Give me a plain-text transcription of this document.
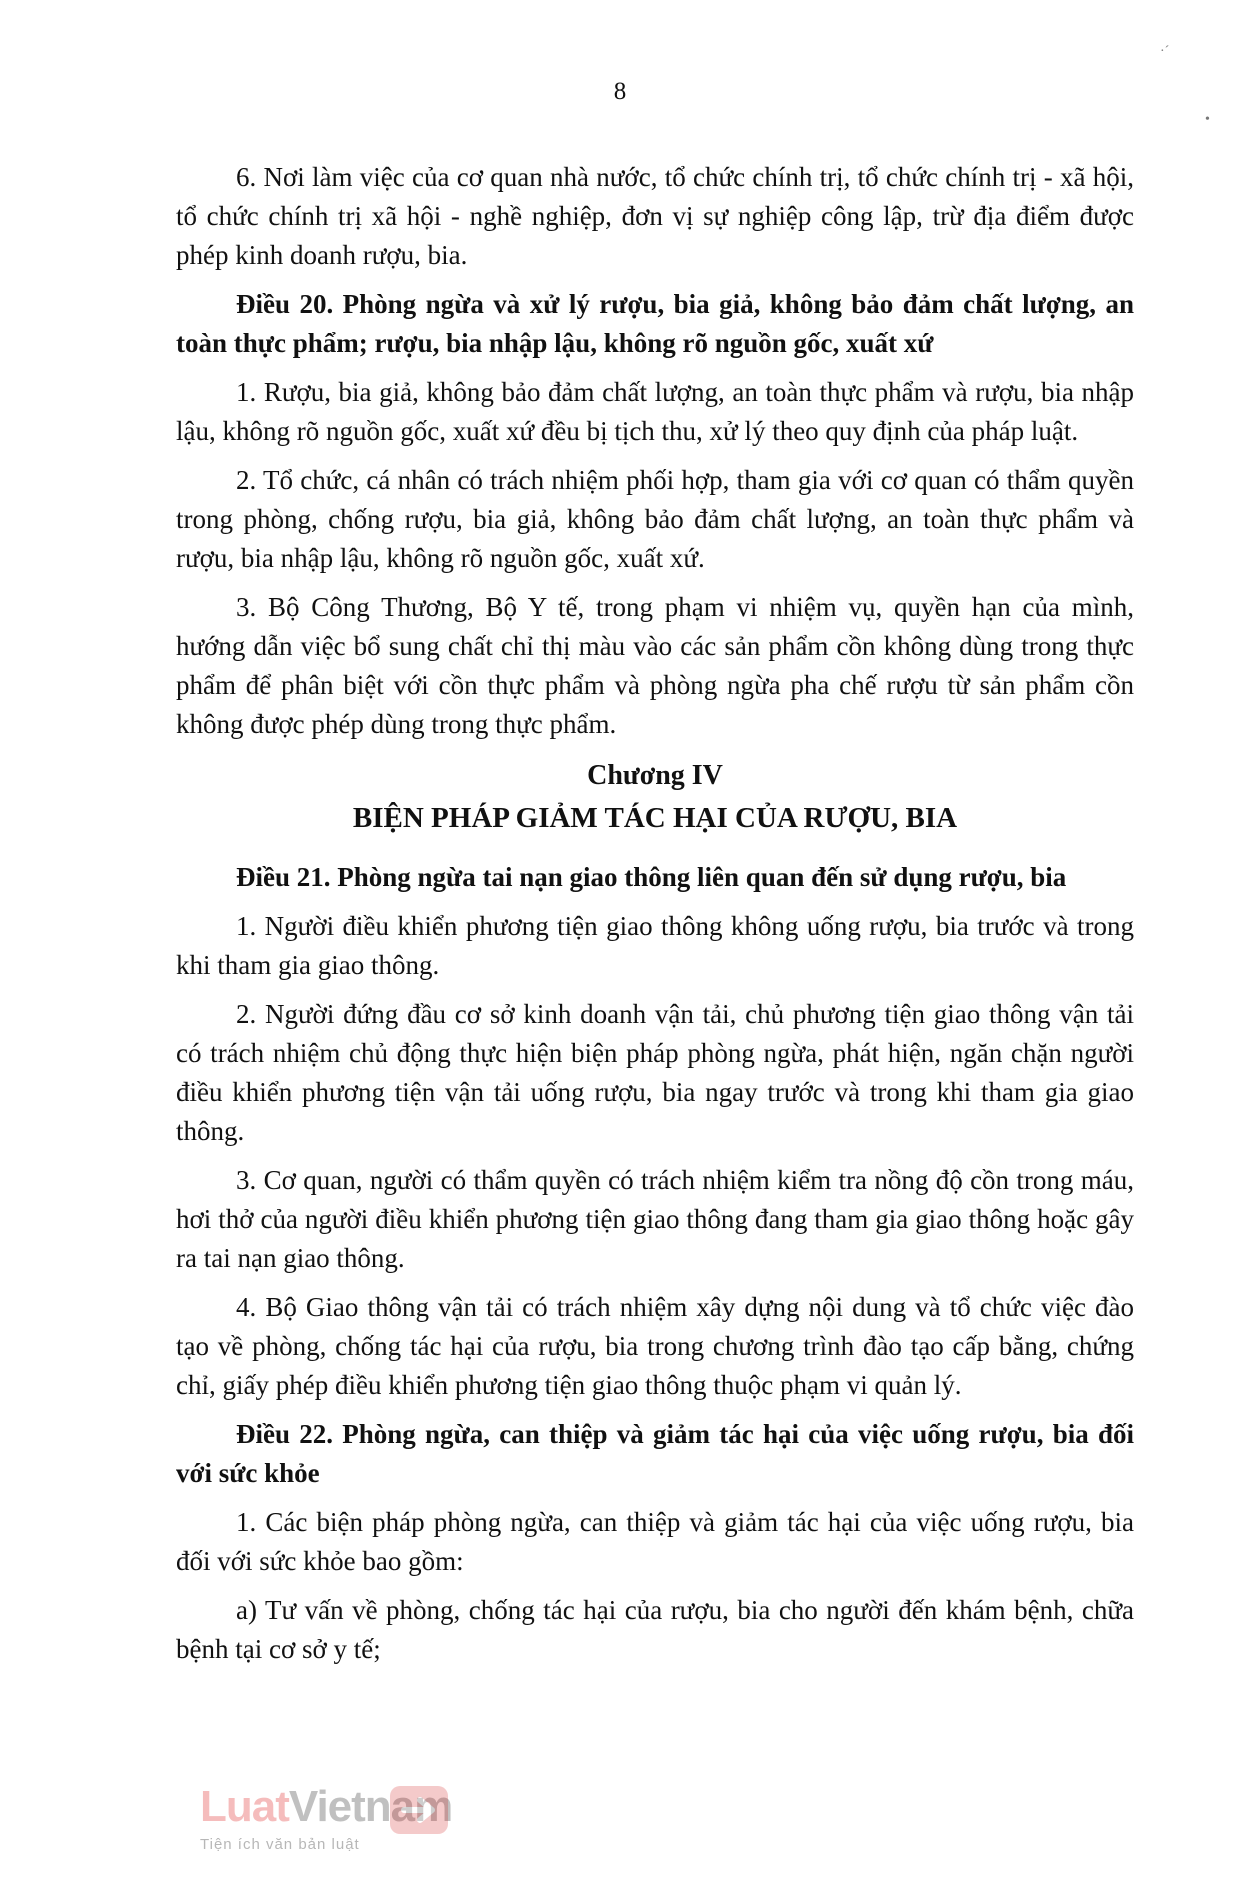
8
·´
•

6. Nơi làm việc của cơ quan nhà nước, tổ chức chính trị, tổ chức chính trị - xã hội, tổ chức chính trị xã hội - nghề nghiệp, đơn vị sự nghiệp công lập, trừ địa điểm được phép kinh doanh rượu, bia.

Điều 20. Phòng ngừa và xử lý rượu, bia giả, không bảo đảm chất lượng, an toàn thực phẩm; rượu, bia nhập lậu, không rõ nguồn gốc, xuất xứ

1. Rượu, bia giả, không bảo đảm chất lượng, an toàn thực phẩm và rượu, bia nhập lậu, không rõ nguồn gốc, xuất xứ đều bị tịch thu, xử lý theo quy định của pháp luật.

2. Tổ chức, cá nhân có trách nhiệm phối hợp, tham gia với cơ quan có thẩm quyền trong phòng, chống rượu, bia giả, không bảo đảm chất lượng, an toàn thực phẩm và rượu, bia nhập lậu, không rõ nguồn gốc, xuất xứ.

3. Bộ Công Thương, Bộ Y tế, trong phạm vi nhiệm vụ, quyền hạn của mình, hướng dẫn việc bổ sung chất chỉ thị màu vào các sản phẩm cồn không dùng trong thực phẩm để phân biệt với cồn thực phẩm và phòng ngừa pha chế rượu từ sản phẩm cồn không được phép dùng trong thực phẩm.

Chương IV
BIỆN PHÁP GIẢM TÁC HẠI CỦA RƯỢU, BIA

Điều 21. Phòng ngừa tai nạn giao thông liên quan đến sử dụng rượu, bia

1. Người điều khiển phương tiện giao thông không uống rượu, bia trước và trong khi tham gia giao thông.

2. Người đứng đầu cơ sở kinh doanh vận tải, chủ phương tiện giao thông vận tải có trách nhiệm chủ động thực hiện biện pháp phòng ngừa, phát hiện, ngăn chặn người điều khiển phương tiện vận tải uống rượu, bia ngay trước và trong khi tham gia giao thông.

3. Cơ quan, người có thẩm quyền có trách nhiệm kiểm tra nồng độ cồn trong máu, hơi thở của người điều khiển phương tiện giao thông đang tham gia giao thông hoặc gây ra tai nạn giao thông.

4. Bộ Giao thông vận tải có trách nhiệm xây dựng nội dung và tổ chức việc đào tạo về phòng, chống tác hại của rượu, bia trong chương trình đào tạo cấp bằng, chứng chỉ, giấy phép điều khiển phương tiện giao thông thuộc phạm vi quản lý.

Điều 22. Phòng ngừa, can thiệp và giảm tác hại của việc uống rượu, bia đối với sức khỏe

1. Các biện pháp phòng ngừa, can thiệp và giảm tác hại của việc uống rượu, bia đối với sức khỏe bao gồm:

a) Tư vấn về phòng, chống tác hại của rượu, bia cho người đến khám bệnh, chữa bệnh tại cơ sở y tế;

LuatVietnam
Tiện ích văn bản luật
